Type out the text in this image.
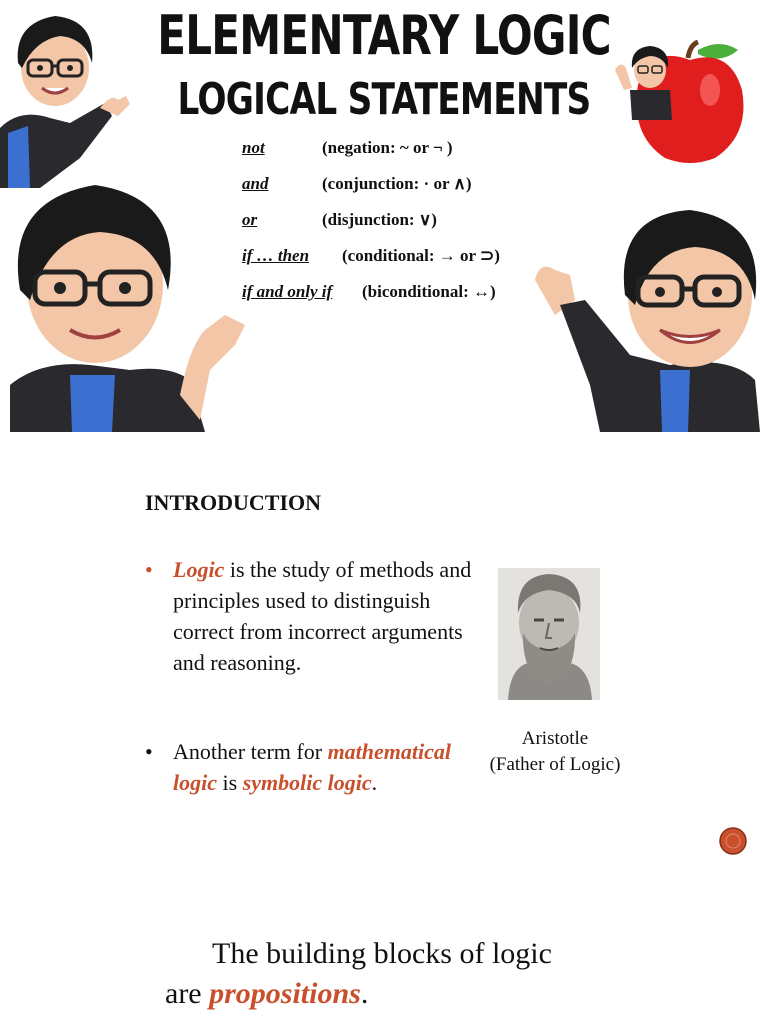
ELEMENTARY LOGIC
LOGICAL STATEMENTS
not	(negation: ~ or ¬ )
and	(conjunction: · or ∧)
or	(disjunction: ∨)
if … then (conditional: → or ⊃)
if and only if (biconditional: ↔)
INTRODUCTION
• Logic is the study of methods and principles used to distinguish correct from incorrect arguments and reasoning.
• Another term for mathematical logic is symbolic logic.
Aristotle
(Father of Logic)
The building blocks of logic
are propositions.
